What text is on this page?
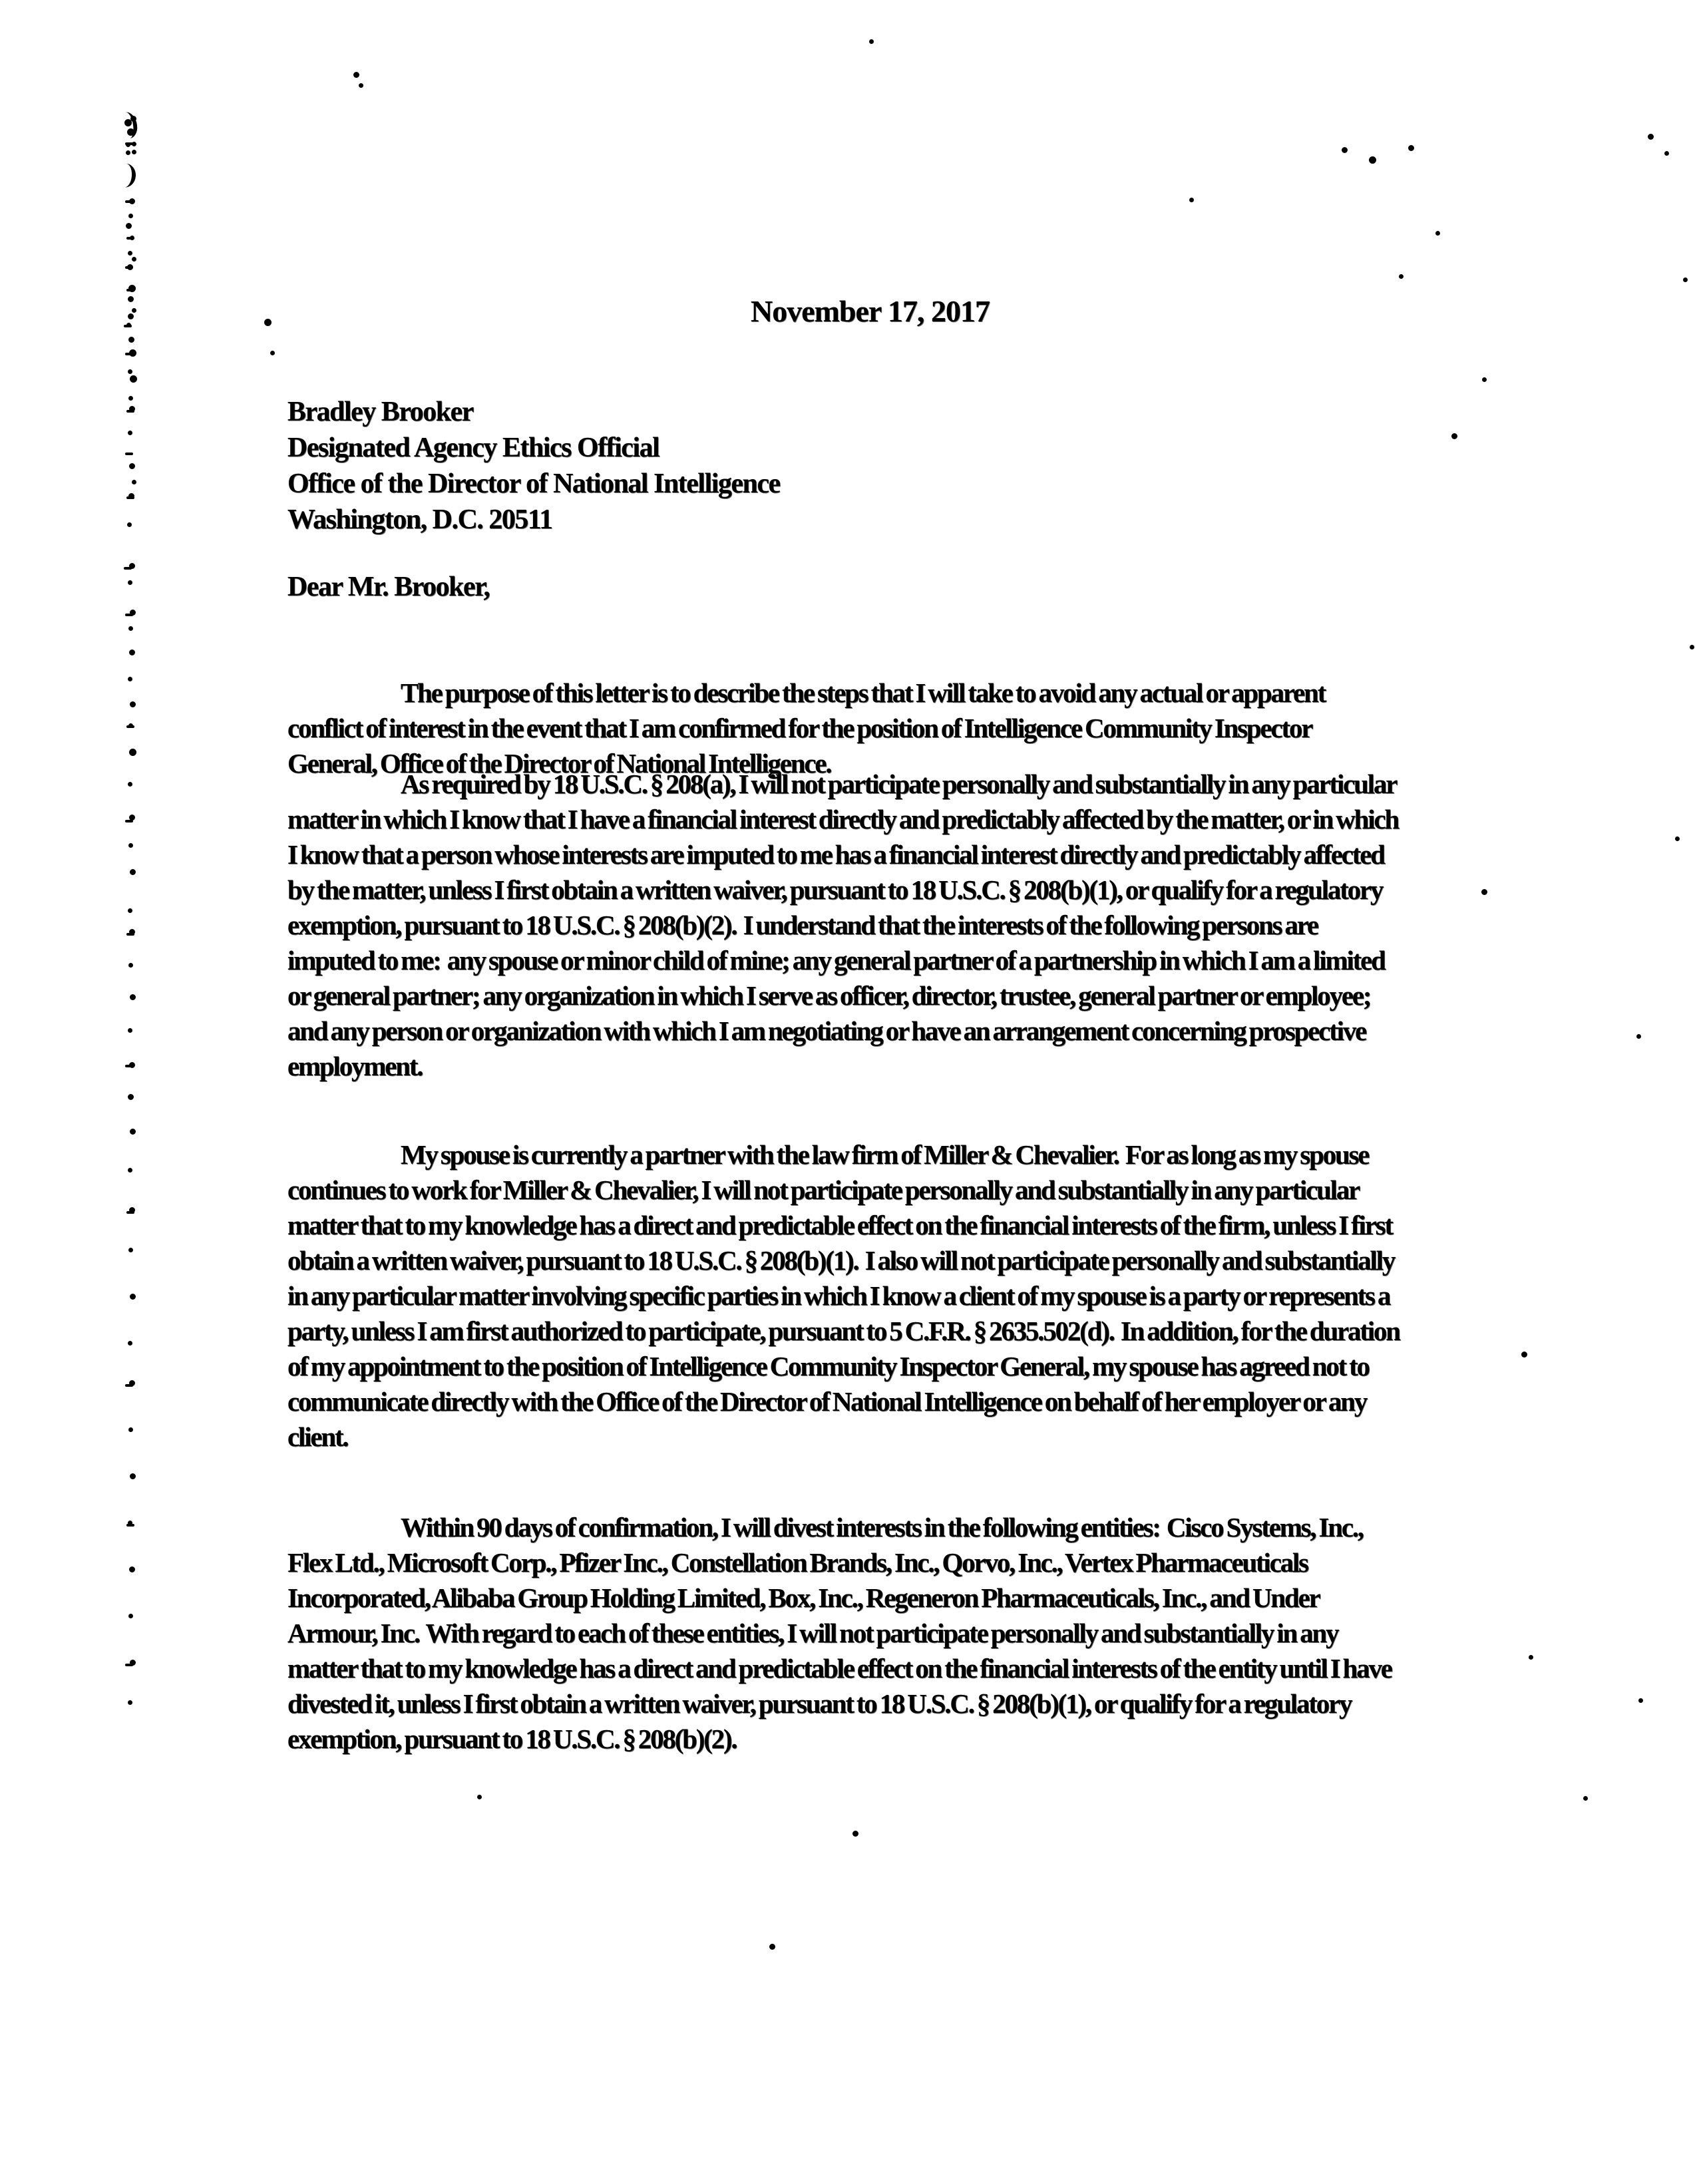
November 17, 2017
Bradley Brooker
Designated Agency Ethics Official
Office of the Director of National Intelligence
Washington, D.C. 20511
Dear Mr. Brooker,

The purpose of this letter is to describe the steps that I will take to avoid any actual or apparent conflict of interest in the event that I am confirmed for the position of Intelligence Community Inspector General, Office of the Director of National Intelligence.

As required by 18 U.S.C. § 208(a), I will not participate personally and substantially in any particular matter in which I know that I have a financial interest directly and predictably affected by the matter, or in which I know that a person whose interests are imputed to me has a financial interest directly and predictably affected by the matter, unless I first obtain a written waiver, pursuant to 18 U.S.C. § 208(b)(1), or qualify for a regulatory exemption, pursuant to 18 U.S.C. § 208(b)(2).  I understand that the interests of the following persons are imputed to me:  any spouse or minor child of mine; any general partner of a partnership in which I am a limited or general partner; any organization in which I serve as officer, director, trustee, general partner or employee; and any person or organization with which I am negotiating or have an arrangement concerning prospective employment.

My spouse is currently a partner with the law firm of Miller & Chevalier.  For as long as my spouse continues to work for Miller & Chevalier, I will not participate personally and substantially in any particular matter that to my knowledge has a direct and predictable effect on the financial interests of the firm, unless I first obtain a written waiver, pursuant to 18 U.S.C. § 208(b)(1).  I also will not participate personally and substantially in any particular matter involving specific parties in which I know a client of my spouse is a party or represents a party, unless I am first authorized to participate, pursuant to 5 C.F.R. § 2635.502(d).  In addition, for the duration of my appointment to the position of Intelligence Community Inspector General, my spouse has agreed not to communicate directly with the Office of the Director of National Intelligence on behalf of her employer or any client.

Within 90 days of confirmation, I will divest interests in the following entities:  Cisco Systems, Inc., Flex Ltd., Microsoft Corp., Pfizer Inc., Constellation Brands, Inc., Qorvo, Inc., Vertex Pharmaceuticals Incorporated, Alibaba Group Holding Limited, Box, Inc., Regeneron Pharmaceuticals, Inc., and Under Armour, Inc.  With regard to each of these entities, I will not participate personally and substantially in any matter that to my knowledge has a direct and predictable effect on the financial interests of the entity until I have divested it, unless I first obtain a written waiver, pursuant to 18 U.S.C. § 208(b)(1), or qualify for a regulatory exemption, pursuant to 18 U.S.C. § 208(b)(2).
